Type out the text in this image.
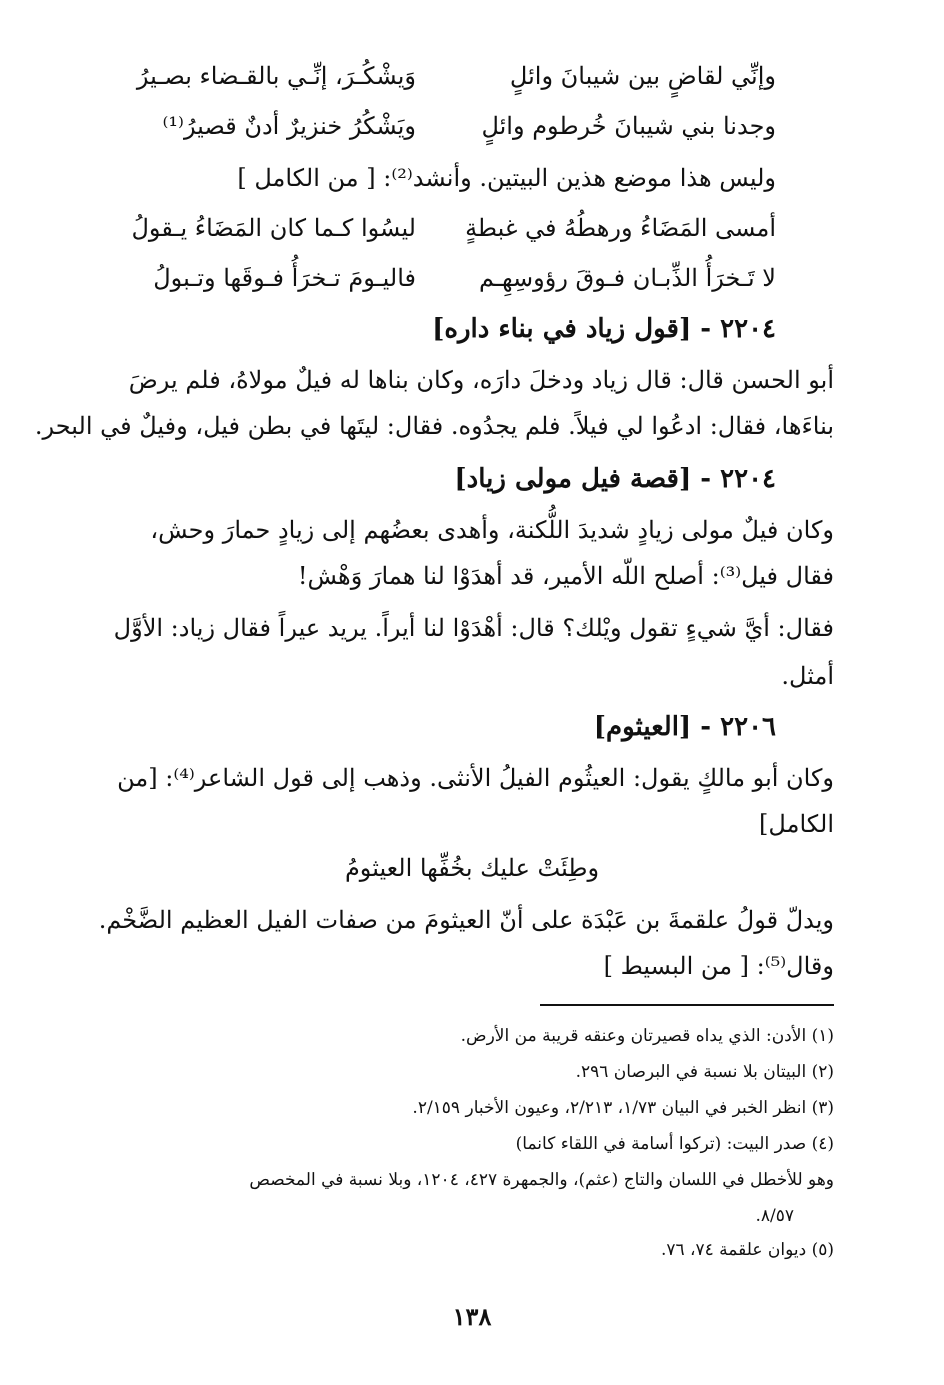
وإنِّي لقاضٍ بين شيبانَ وائلٍ
وَيشْكُـرَ، إنِّـي بالقـضاء بصـيرُ
وجدنا بني شيبانَ خُرطوم وائلٍ
ويَشْكُرُ خنزيرٌ أدنٌ قصيرُ⁽¹⁾
وليس هذا موضع هذين البيتين. وأنشد⁽²⁾: [ من الكامل ]
أمسى المَضَاءُ ورهطُهُ في غبطةٍ
ليسُوا كـما كان المَضَاءُ يـقولُ
لا تَـخرَأُ الذِّبـان فـوقَ رؤوسِهِـم
فاليـومَ تـخرَأُ فـوقَها وتـبولُ
٢٢٠٤ - [قول زياد في بناء داره]
أبو الحسن قال: قال زياد ودخلَ دارَه، وكان بناها له فيلٌ مولاهُ، فلم يرضَ
بناءَها، فقال: ادعُوا لي فيلاً. فلم يجدُوه. فقال: ليتَها في بطن فيل، وفيلٌ في البحر.
٢٢٠٤ - [قصة فيل مولى زياد]
وكان فيلٌ مولى زيادٍ شديدَ اللُّكنة، وأهدى بعضُهم إلى زيادٍ حمارَ وحش،
فقال فيل⁽³⁾: أصلح اللّه الأمير، قد أهدَوْا لنا همارَ وَهْش!
فقال: أيَّ شيءٍ تقول ويْلك؟ قال: أهْدَوْا لنا أيراً. يريد عيراً فقال زياد: الأوَّل
أمثل.
٢٢٠٦ - [العيثوم]
وكان أبو مالكٍ يقول: العيثُوم الفيلُ الأنثى. وذهب إلى قول الشاعر⁽⁴⁾: [من
الكامل]
وطِئَتْ عليك بخُفِّها العيثومُ
ويدلّ قولُ علقمةَ بن عَبْدَة على أنّ العيثومَ من صفات الفيل العظيم الضَّخْم.
وقال⁽⁵⁾: [ من البسيط ]
(١) الأدن: الذي يداه قصيرتان وعنقه قريبة من الأرض.
(٢) البيتان بلا نسبة في البرصان ٢٩٦.
(٣) انظر الخبر في البيان ١/٧٣، ٢/٢١٣، وعيون الأخبار ٢/١٥٩.
(٤) صدر البيت: (تركوا أسامة في اللقاء كانما)
وهو للأخطل في اللسان والتاج (عثم)، والجمهرة ٤٢٧، ١٢٠٤، وبلا نسبة في المخصص
٨/٥٧.
(٥) ديوان علقمة ٧٤، ٧٦.
١٣٨
